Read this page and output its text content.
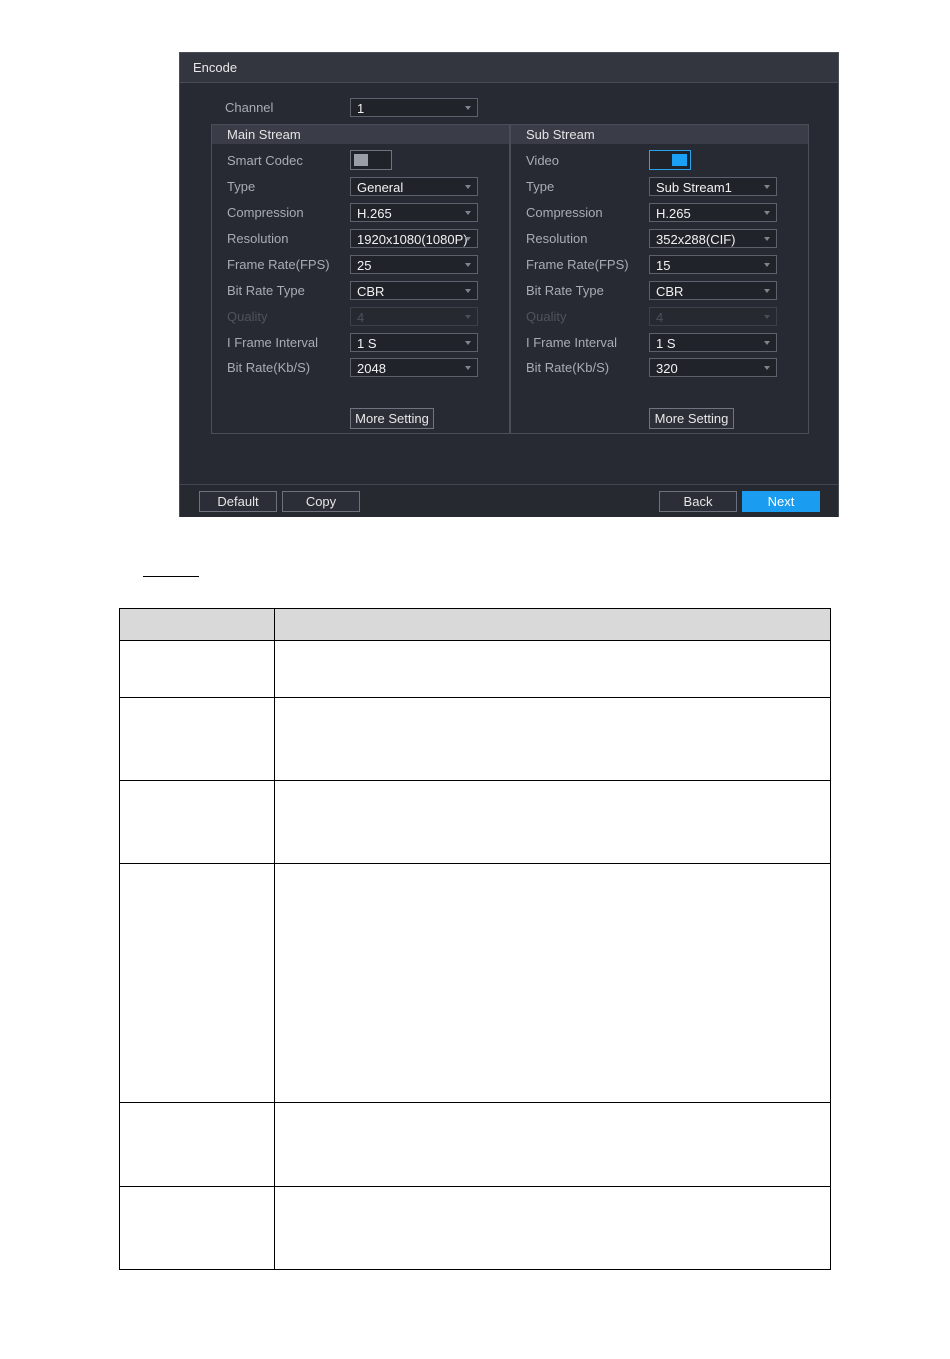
Encode
Channel	1
Main Stream
Smart Codec
Type	General
Compression	H.265
Resolution	1920x1080(1080P)
Frame Rate(FPS) 25
Bit Rate Type	CBR
Quality	4
I Frame Interval	1 S
Bit Rate(Kb/S)	2048
More Setting
Sub Stream
Video
Type	Sub Stream1
Compression	H.265
Resolution	352x288(CIF)
Frame Rate(FPS) 15
Bit Rate Type	CBR
Quality	4
I Frame Interval	1 S
Bit Rate(Kb/S)	320
More Setting
Default	Copy	Back	Next
